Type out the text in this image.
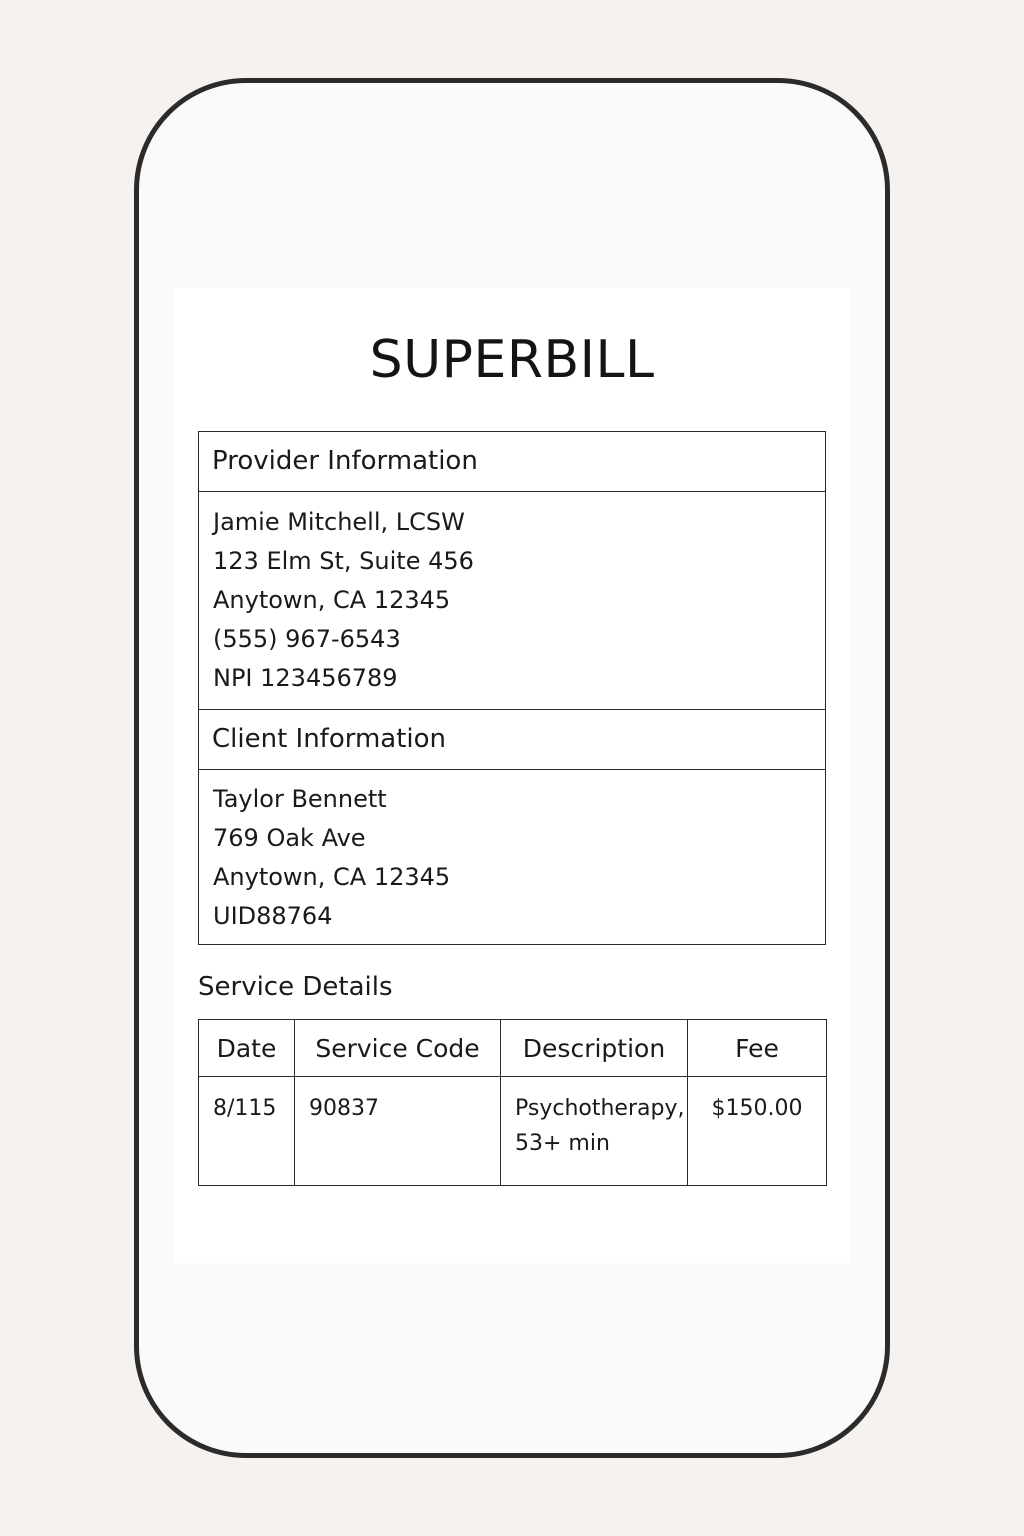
SUPERBILL
Provider Information
Jamie Mitchell, LCSW
123 Elm St, Suite 456
Anytown, CA 12345
(555) 967-6543
NPI 123456789
Client Information
Taylor Bennett
769 Oak Ave
Anytown, CA 12345
UID88764
Service Details
Date	Service Code	Description	Fee
8/115	90837	Psychotherapy, 53+ min	$150.00
